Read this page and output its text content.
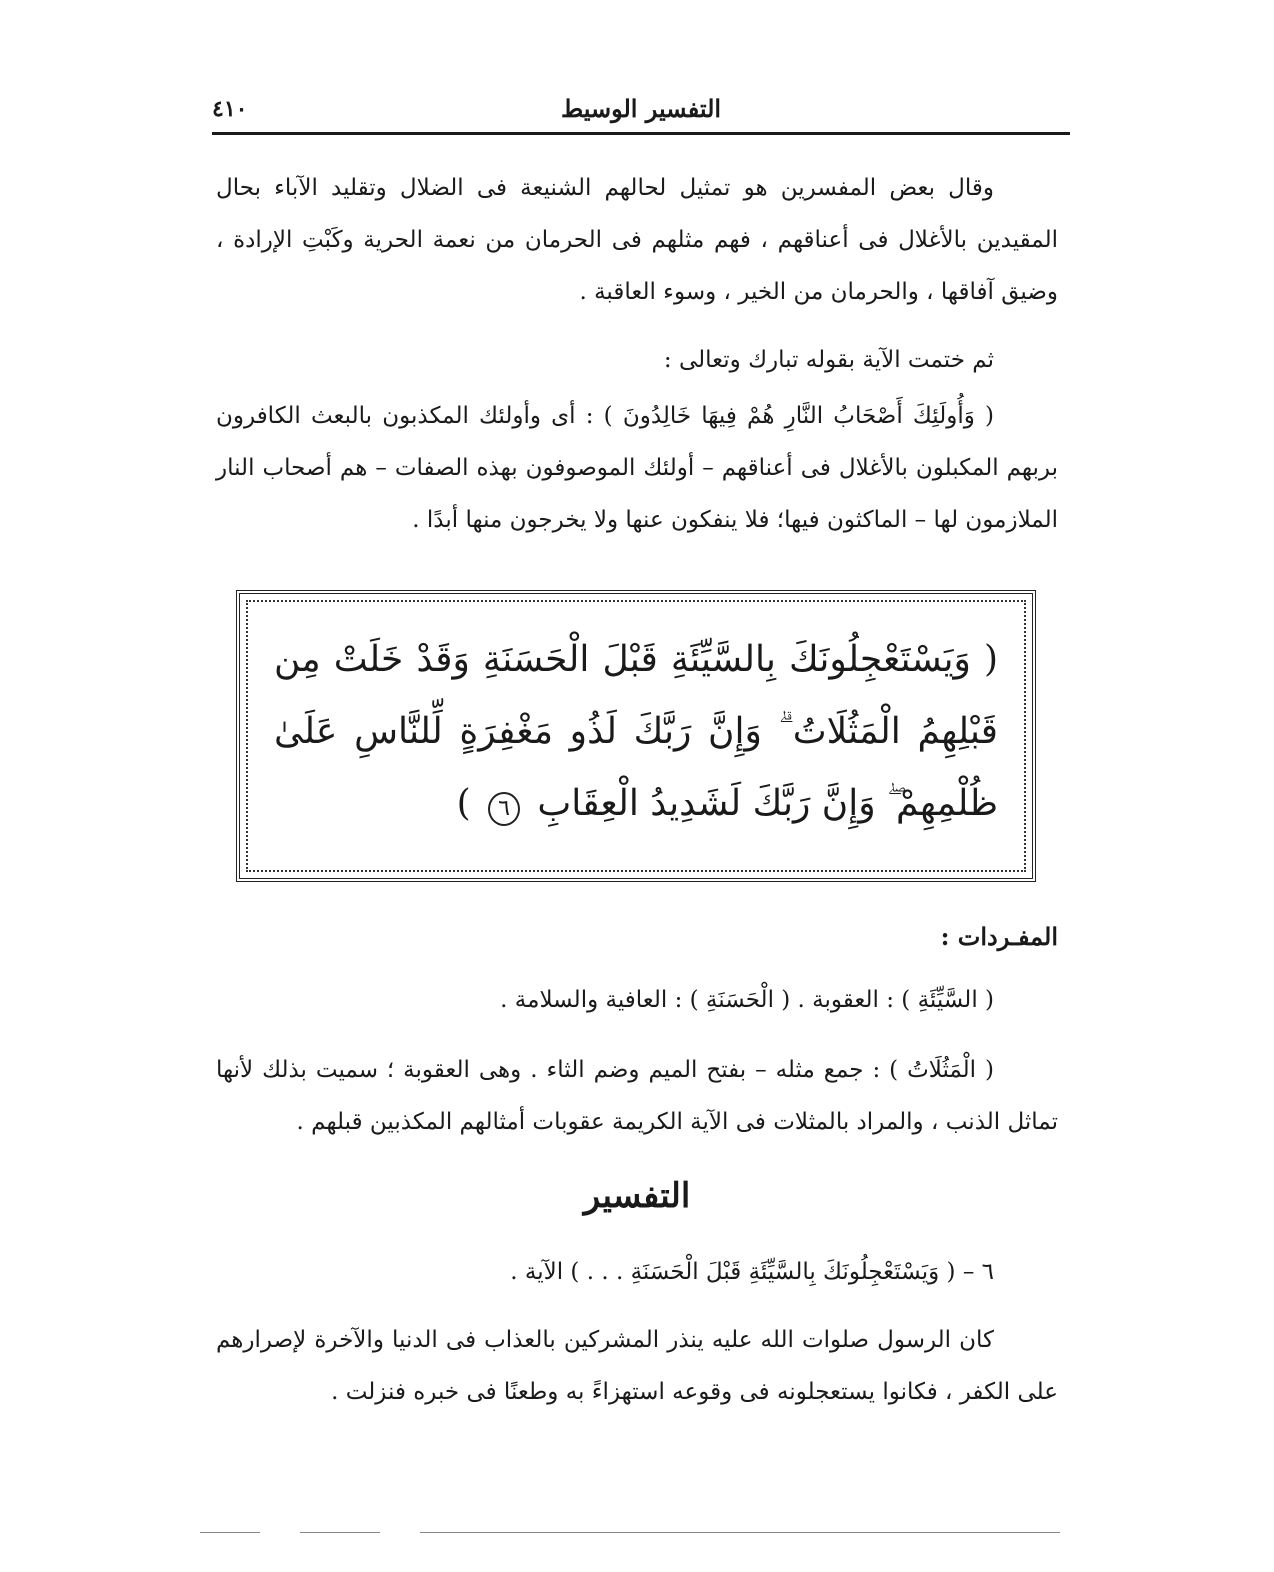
٤١٠	التفسير الوسيط
وقال بعض المفسرين هو تمثيل لحالهم الشنيعة فى الضلال وتقليد الآباء بحال المقيدين بالأغلال فى أعناقهم ، فهم مثلهم فى الحرمان من نعمة الحرية وكَبْتِ الإرادة ، وضيق آفاقها ، والحرمان من الخير ، وسوء العاقبة .
ثم ختمت الآية بقوله تبارك وتعالى :
( وَأُولَئِكَ أَصْحَابُ النَّارِ هُمْ فِيهَا خَالِدُونَ ) : أى وأولئك المكذبون بالبعث الكافرون بربهم المكبلون بالأغلال فى أعناقهم – أولئك الموصوفون بهذه الصفات – هم أصحاب النار الملازمون لها – الماكثون فيها؛ فلا ينفكون عنها ولا يخرجون منها أبدًا .
( وَيَسْتَعْجِلُونَكَ بِالسَّيِّئَةِ قَبْلَ الْحَسَنَةِ وَقَدْ خَلَتْ مِن قَبْلِهِمُ الْمَثُلَاتُ ۗ وَإِنَّ رَبَّكَ لَذُو مَغْفِرَةٍ لِّلنَّاسِ عَلَىٰ ظُلْمِهِمْ ۖ وَإِنَّ رَبَّكَ لَشَدِيدُ الْعِقَابِ ٦ )
المفـردات :
( السَّيِّئَةِ ) : العقوبة . ( الْحَسَنَةِ ) : العافية والسلامة .
( الْمَثُلَاتُ ) : جمع مثله – بفتح الميم وضم الثاء . وهى العقوبة ؛ سميت بذلك لأنها تماثل الذنب ، والمراد بالمثلات فى الآية الكريمة عقوبات أمثالهم المكذبين قبلهم .
التفسير
٦ – ( وَيَسْتَعْجِلُونَكَ بِالسَّيِّئَةِ قَبْلَ الْحَسَنَةِ . . . ) الآية .
كان الرسول صلوات الله عليه ينذر المشركين بالعذاب فى الدنيا والآخرة لإصرارهم على الكفر ، فكانوا يستعجلونه فى وقوعه استهزاءً به وطعنًا فى خبره فنزلت .
